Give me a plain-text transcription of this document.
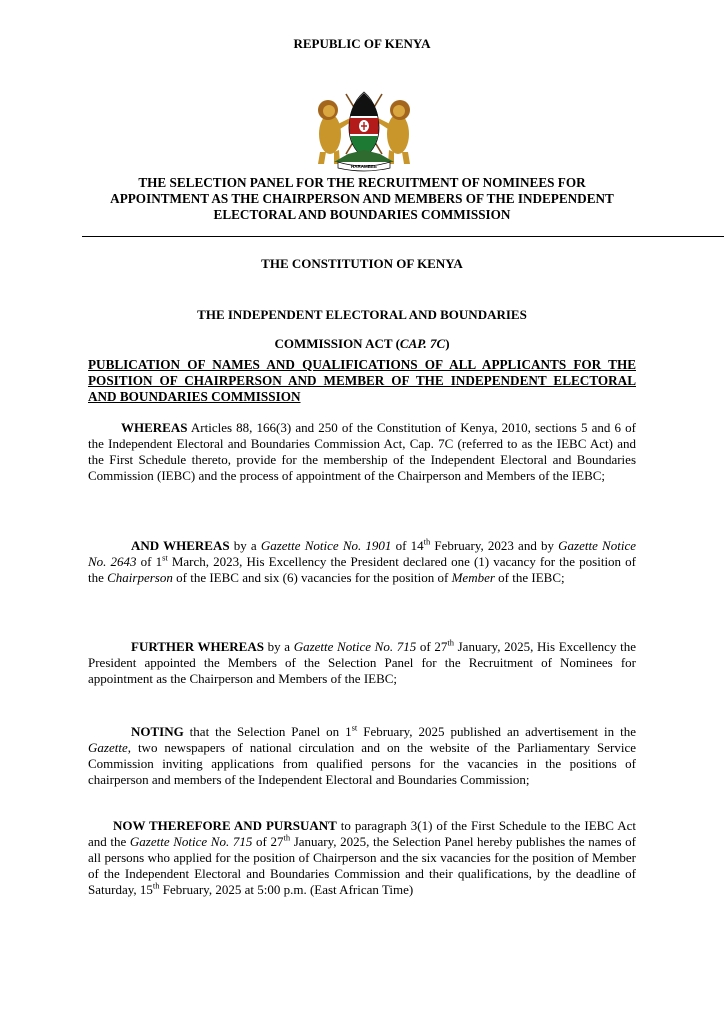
REPUBLIC OF KENYA
HARAMBEE
THE SELECTION PANEL FOR THE RECRUITMENT OF NOMINEES FOR APPOINTMENT AS THE CHAIRPERSON AND MEMBERS OF THE INDEPENDENT ELECTORAL AND BOUNDARIES COMMISSION
THE CONSTITUTION OF KENYA
THE INDEPENDENT ELECTORAL AND BOUNDARIES
COMMISSION ACT (CAP. 7C)
PUBLICATION OF NAMES AND QUALIFICATIONS OF ALL APPLICANTS FOR THE POSITION OF CHAIRPERSON AND MEMBER OF THE INDEPENDENT ELECTORAL AND BOUNDARIES COMMISSION
WHEREAS Articles 88, 166(3) and 250 of the Constitution of Kenya, 2010, sections 5 and 6 of the Independent Electoral and Boundaries Commission Act, Cap. 7C (referred to as the IEBC Act) and the First Schedule thereto, provide for the membership of the Independent Electoral and Boundaries Commission (IEBC) and the process of appointment of the Chairperson and Members of the IEBC;
AND WHEREAS by a Gazette Notice No. 1901 of 14th February, 2023 and by Gazette Notice No. 2643 of 1st March, 2023, His Excellency the President declared one (1) vacancy for the position of the Chairperson of the IEBC and six (6) vacancies for the position of Member of the IEBC;
FURTHER WHEREAS by a Gazette Notice No. 715 of 27th January, 2025, His Excellency the President appointed the Members of the Selection Panel for the Recruitment of Nominees for appointment as the Chairperson and Members of the IEBC;
NOTING that the Selection Panel on 1st February, 2025 published an advertisement in the Gazette, two newspapers of national circulation and on the website of the Parliamentary Service Commission inviting applications from qualified persons for the vacancies in the positions of chairperson and members of the Independent Electoral and Boundaries Commission;
NOW THEREFORE AND PURSUANT to paragraph 3(1) of the First Schedule to the IEBC Act and the Gazette Notice No. 715 of 27th January, 2025, the Selection Panel hereby publishes the names of all persons who applied for the position of Chairperson and the six vacancies for the position of Member of the Independent Electoral and Boundaries Commission and their qualifications, by the deadline of Saturday, 15th February, 2025 at 5:00 p.m. (East African Time)
